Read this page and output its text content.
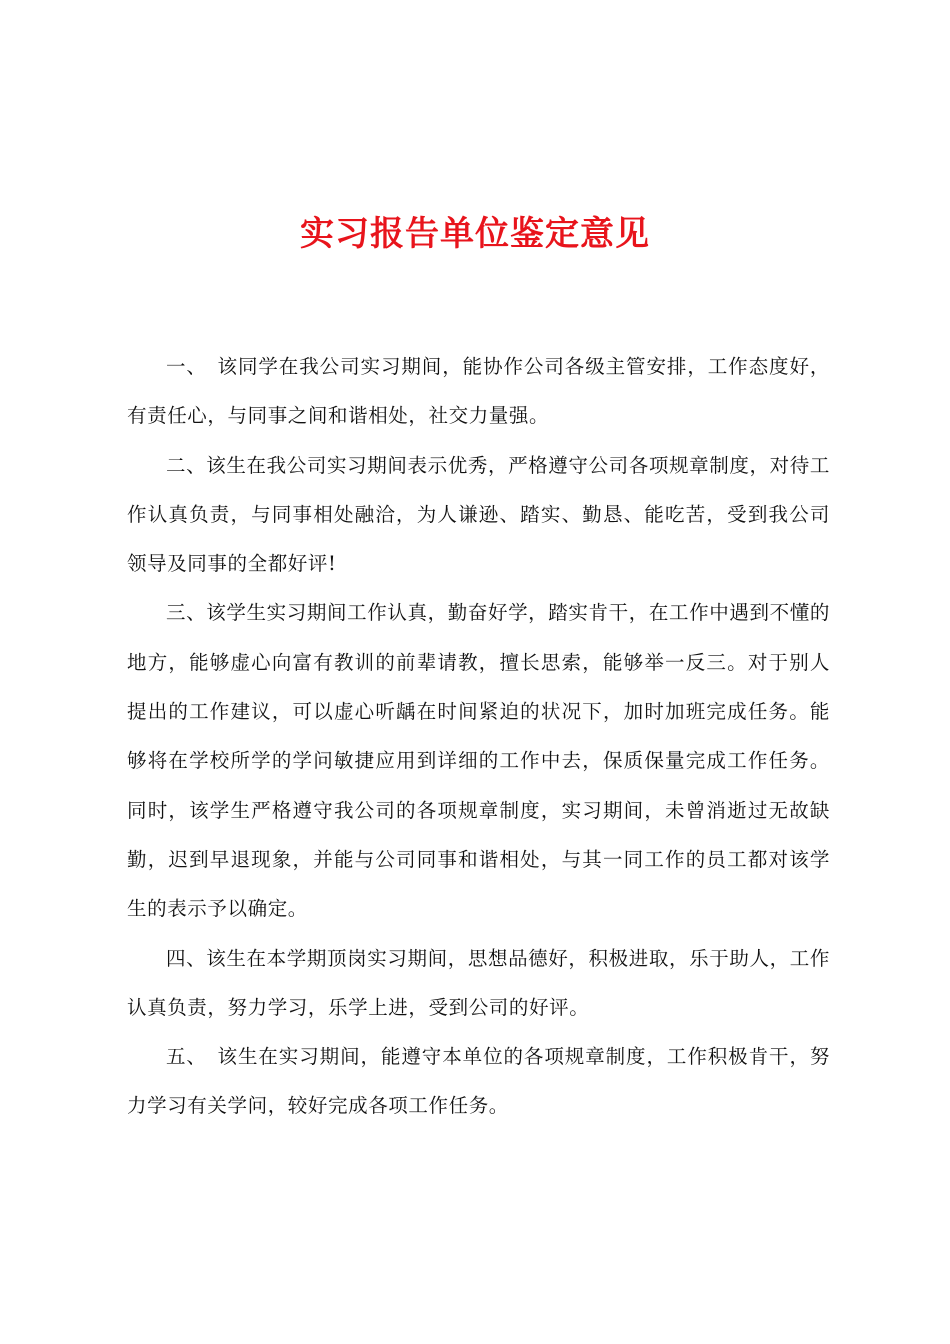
实习报告单位鉴定意见

一、　该同学在我公司实习期间，能协作公司各级主管安排，工作态度好，有责任心，与同事之间和谐相处，社交力量强。

二、该生在我公司实习期间表示优秀，严格遵守公司各项规章制度，对待工作认真负责，与同事相处融洽，为人谦逊、踏实、勤恳、能吃苦，受到我公司领导及同事的全都好评!

三、该学生实习期间工作认真，勤奋好学，踏实肯干，在工作中遇到不懂的地方，能够虚心向富有教训的前辈请教，擅长思索，能够举一反三。对于别人提出的工作建议，可以虚心听龋在时间紧迫的状况下，加时加班完成任务。能够将在学校所学的学问敏捷应用到详细的工作中去，保质保量完成工作任务。同时，该学生严格遵守我公司的各项规章制度，实习期间，未曾消逝过无故缺勤，迟到早退现象，并能与公司同事和谐相处，与其一同工作的员工都对该学生的表示予以确定。

四、该生在本学期顶岗实习期间，思想品德好，积极进取，乐于助人，工作认真负责，努力学习，乐学上进，受到公司的好评。

五、　该生在实习期间，能遵守本单位的各项规章制度，工作积极肯干，努力学习有关学问，较好完成各项工作任务。
